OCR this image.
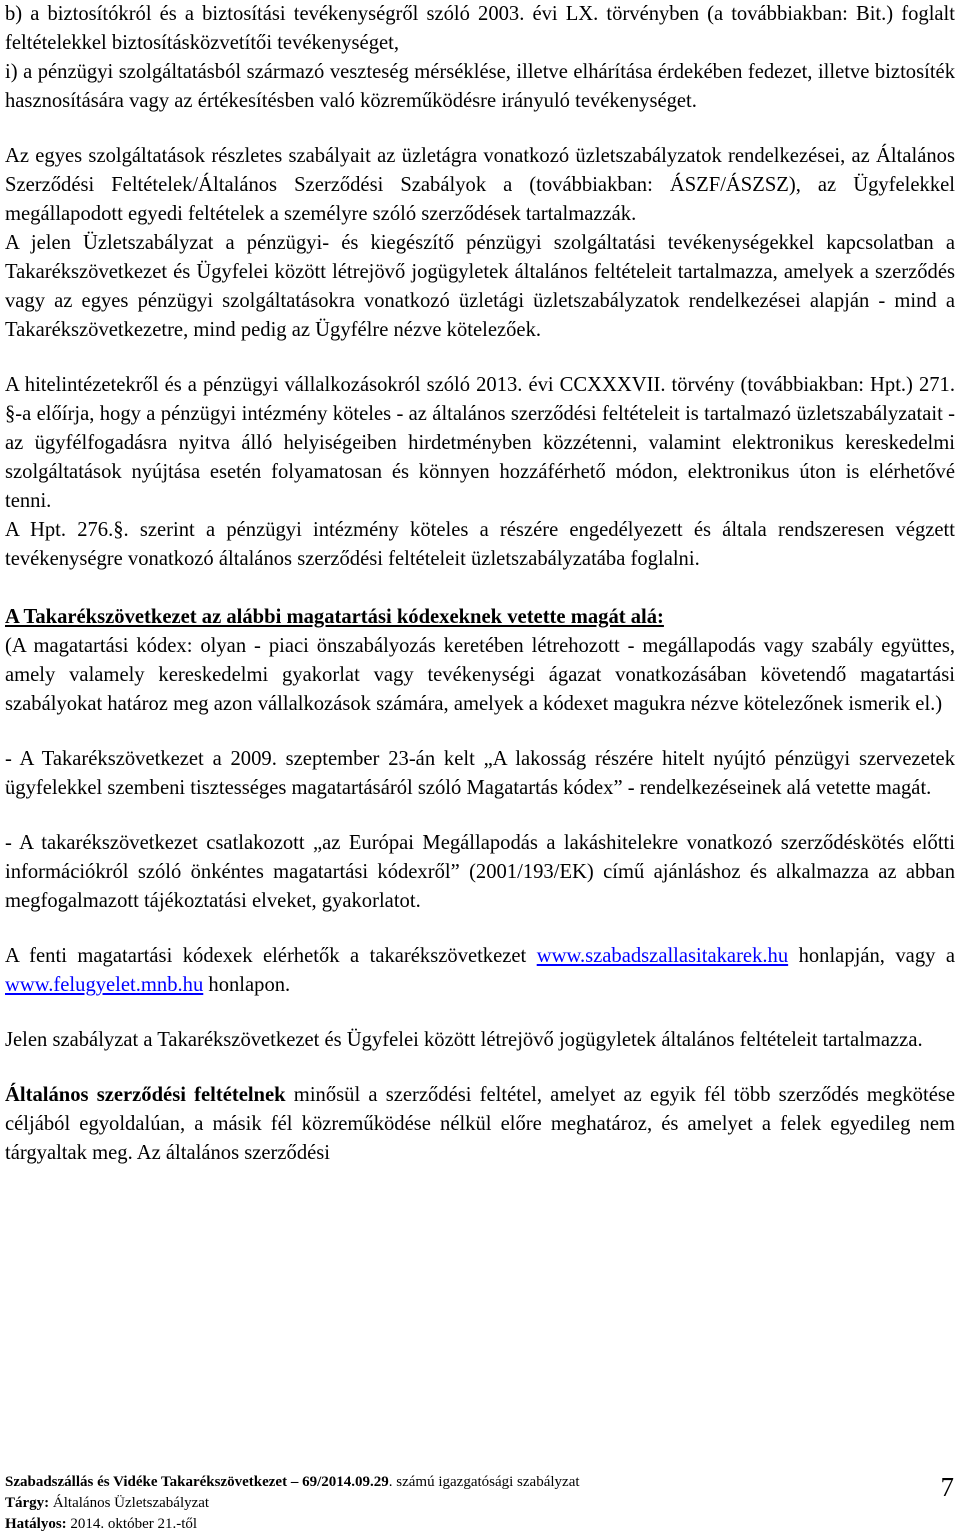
b) a biztosítókról és a biztosítási tevékenységről szóló 2003. évi LX. törvényben (a továbbiakban: Bit.) foglalt feltételekkel biztosításközvetítői tevékenységet,

i) a pénzügyi szolgáltatásból származó veszteség mérséklése, illetve elhárítása érdekében fedezet, illetve biztosíték hasznosítására vagy az értékesítésben való közreműködésre irányuló tevékenységet.

Az egyes szolgáltatások részletes szabályait az üzletágra vonatkozó üzletszabályzatok rendelkezései, az Általános Szerződési Feltételek/Általános Szerződési Szabályok a (továbbiakban: ÁSZF/ÁSZSZ), az Ügyfelekkel megállapodott egyedi feltételek a személyre szóló szerződések tartalmazzák.

A jelen Üzletszabályzat a pénzügyi- és kiegészítő pénzügyi szolgáltatási tevékenységekkel kapcsolatban a Takarékszövetkezet és Ügyfelei között létrejövő jogügyletek általános feltételeit tartalmazza, amelyek a szerződés vagy az egyes pénzügyi szolgáltatásokra vonatkozó üzletági üzletszabályzatok rendelkezései alapján - mind a Takarékszövetkezetre, mind pedig az Ügyfélre nézve kötelezőek.

A hitelintézetekről és a pénzügyi vállalkozásokról szóló 2013. évi CCXXXVII. törvény (továbbiakban: Hpt.) 271. §-a előírja, hogy a pénzügyi intézmény köteles - az általános szerződési feltételeit is tartalmazó üzletszabályzatait - az ügyfélfogadásra nyitva álló helyiségeiben hirdetményben közzétenni, valamint elektronikus kereskedelmi szolgáltatások nyújtása esetén folyamatosan és könnyen hozzáférhető módon, elektronikus úton is elérhetővé tenni.

A Hpt. 276.§. szerint a pénzügyi intézmény köteles a részére engedélyezett és általa rendszeresen végzett tevékenységre vonatkozó általános szerződési feltételeit üzletszabályzatába foglalni.

A Takarékszövetkezet az alábbi magatartási kódexeknek vetette magát alá:

(A magatartási kódex: olyan - piaci önszabályozás keretében létrehozott - megállapodás vagy szabály együttes, amely valamely kereskedelmi gyakorlat vagy tevékenységi ágazat vonatkozásában követendő magatartási szabályokat határoz meg azon vállalkozások számára, amelyek a kódexet magukra nézve kötelezőnek ismerik el.)

- A Takarékszövetkezet a 2009. szeptember 23-án kelt „A lakosság részére hitelt nyújtó pénzügyi szervezetek ügyfelekkel szembeni tisztességes magatartásáról szóló Magatartás kódex” - rendelkezéseinek alá vetette magát.

- A takarékszövetkezet csatlakozott „az Európai Megállapodás a lakáshitelekre vonatkozó szerződéskötés előtti információkról szóló önkéntes magatartási kódexről” (2001/193/EK) című ajánláshoz és alkalmazza az abban megfogalmazott tájékoztatási elveket, gyakorlatot.

A fenti magatartási kódexek elérhetők a takarékszövetkezet www.szabadszallasitakarek.hu honlapján, vagy a www.felugyelet.mnb.hu honlapon.

Jelen szabályzat a Takarékszövetkezet és Ügyfelei között létrejövő jogügyletek általános feltételeit tartalmazza.

Általános szerződési feltételnek minősül a szerződési feltétel, amelyet az egyik fél több szerződés megkötése céljából egyoldalúan, a másik fél közreműködése nélkül előre meghatároz, és amelyet a felek egyedileg nem tárgyaltak meg. Az általános szerződési

Szabadszállás és Vidéke Takarékszövetkezet – 69/2014.09.29. számú igazgatósági szabályzat
Tárgy: Általános Üzletszabályzat
Hatályos: 2014. október 21.-től
7
